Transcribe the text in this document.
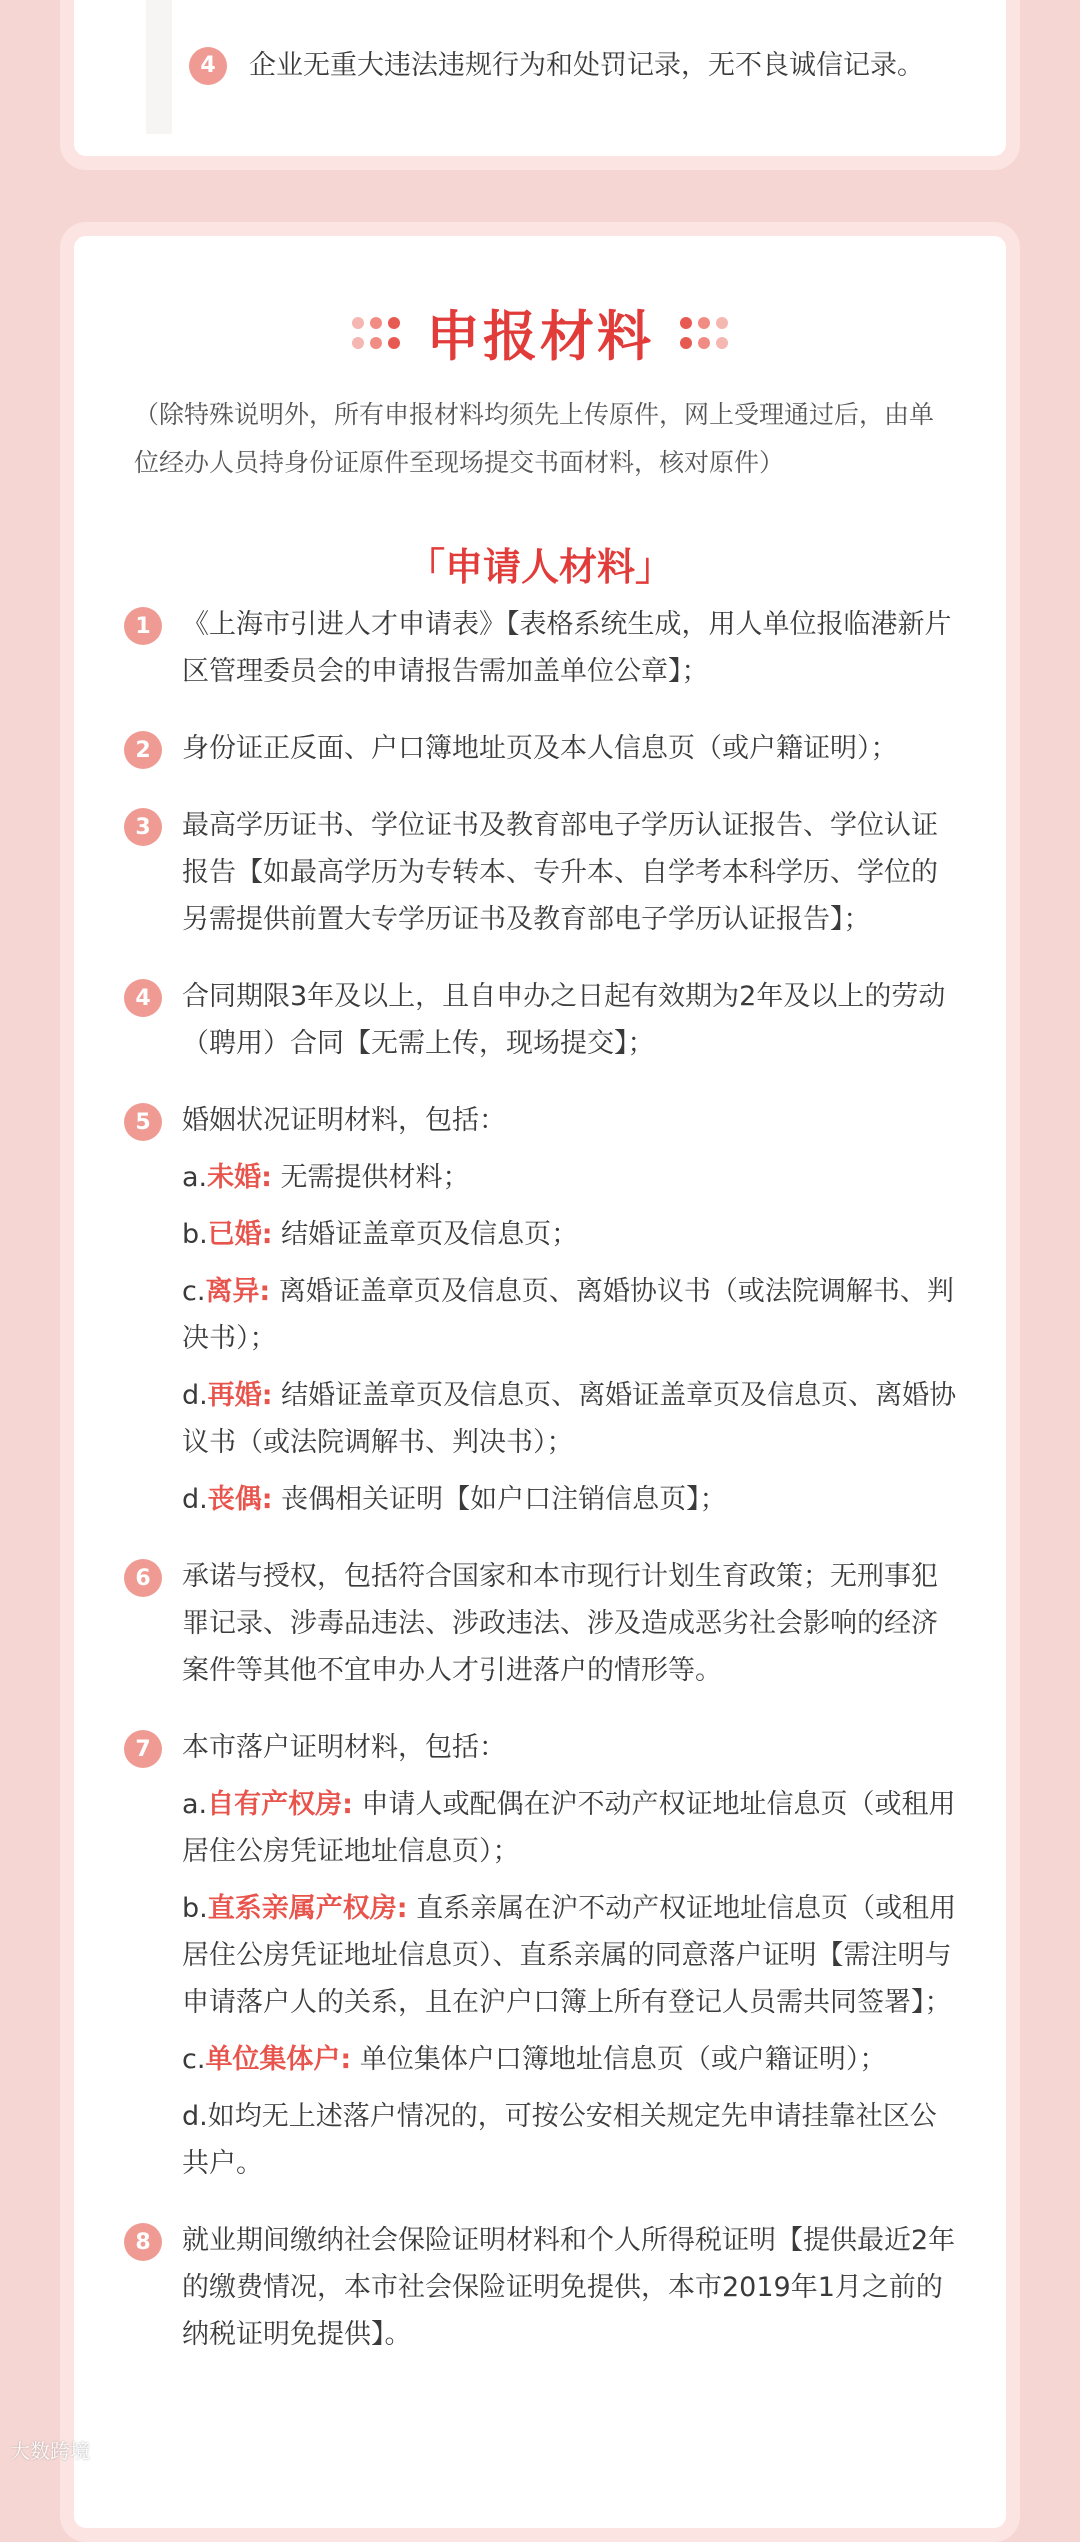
4	企业无重大违法违规行为和处罚记录，无不良诚信记录。
申报材料
（除特殊说明外，所有申报材料均须先上传原件，网上受理通过后，由单位经办人员持身份证原件至现场提交书面材料，核对原件）
「申请人材料」
1	《上海市引进人才申请表》【表格系统生成，用人单位报临港新片区管理委员会的申请报告需加盖单位公章】；
2	身份证正反面、户口簿地址页及本人信息页（或户籍证明）；
3	最高学历证书、学位证书及教育部电子学历认证报告、学位认证报告【如最高学历为专转本、专升本、自学考本科学历、学位的另需提供前置大专学历证书及教育部电子学历认证报告】；
4	合同期限3年及以上，且自申办之日起有效期为2年及以上的劳动（聘用）合同【无需上传，现场提交】；
5	婚姻状况证明材料，包括：
a.未婚: 无需提供材料；
b.已婚: 结婚证盖章页及信息页；
c.离异: 离婚证盖章页及信息页、离婚协议书（或法院调解书、判决书）；
d.再婚: 结婚证盖章页及信息页、离婚证盖章页及信息页、离婚协议书（或法院调解书、判决书）；
d.丧偶: 丧偶相关证明【如户口注销信息页】；
6	承诺与授权，包括符合国家和本市现行计划生育政策；无刑事犯罪记录、涉毒品违法、涉政违法、涉及造成恶劣社会影响的经济案件等其他不宜申办人才引进落户的情形等。
7	本市落户证明材料，包括：
a.自有产权房: 申请人或配偶在沪不动产权证地址信息页（或租用居住公房凭证地址信息页）；
b.直系亲属产权房: 直系亲属在沪不动产权证地址信息页（或租用居住公房凭证地址信息页）、直系亲属的同意落户证明【需注明与申请落户人的关系，且在沪户口簿上所有登记人员需共同签署】；
c.单位集体户: 单位集体户口簿地址信息页（或户籍证明）；
d.如均无上述落户情况的，可按公安相关规定先申请挂靠社区公共户。
8	就业期间缴纳社会保险证明材料和个人所得税证明【提供最近2年的缴费情况，本市社会保险证明免提供，本市2019年1月之前的纳税证明免提供】。
大数跨境
